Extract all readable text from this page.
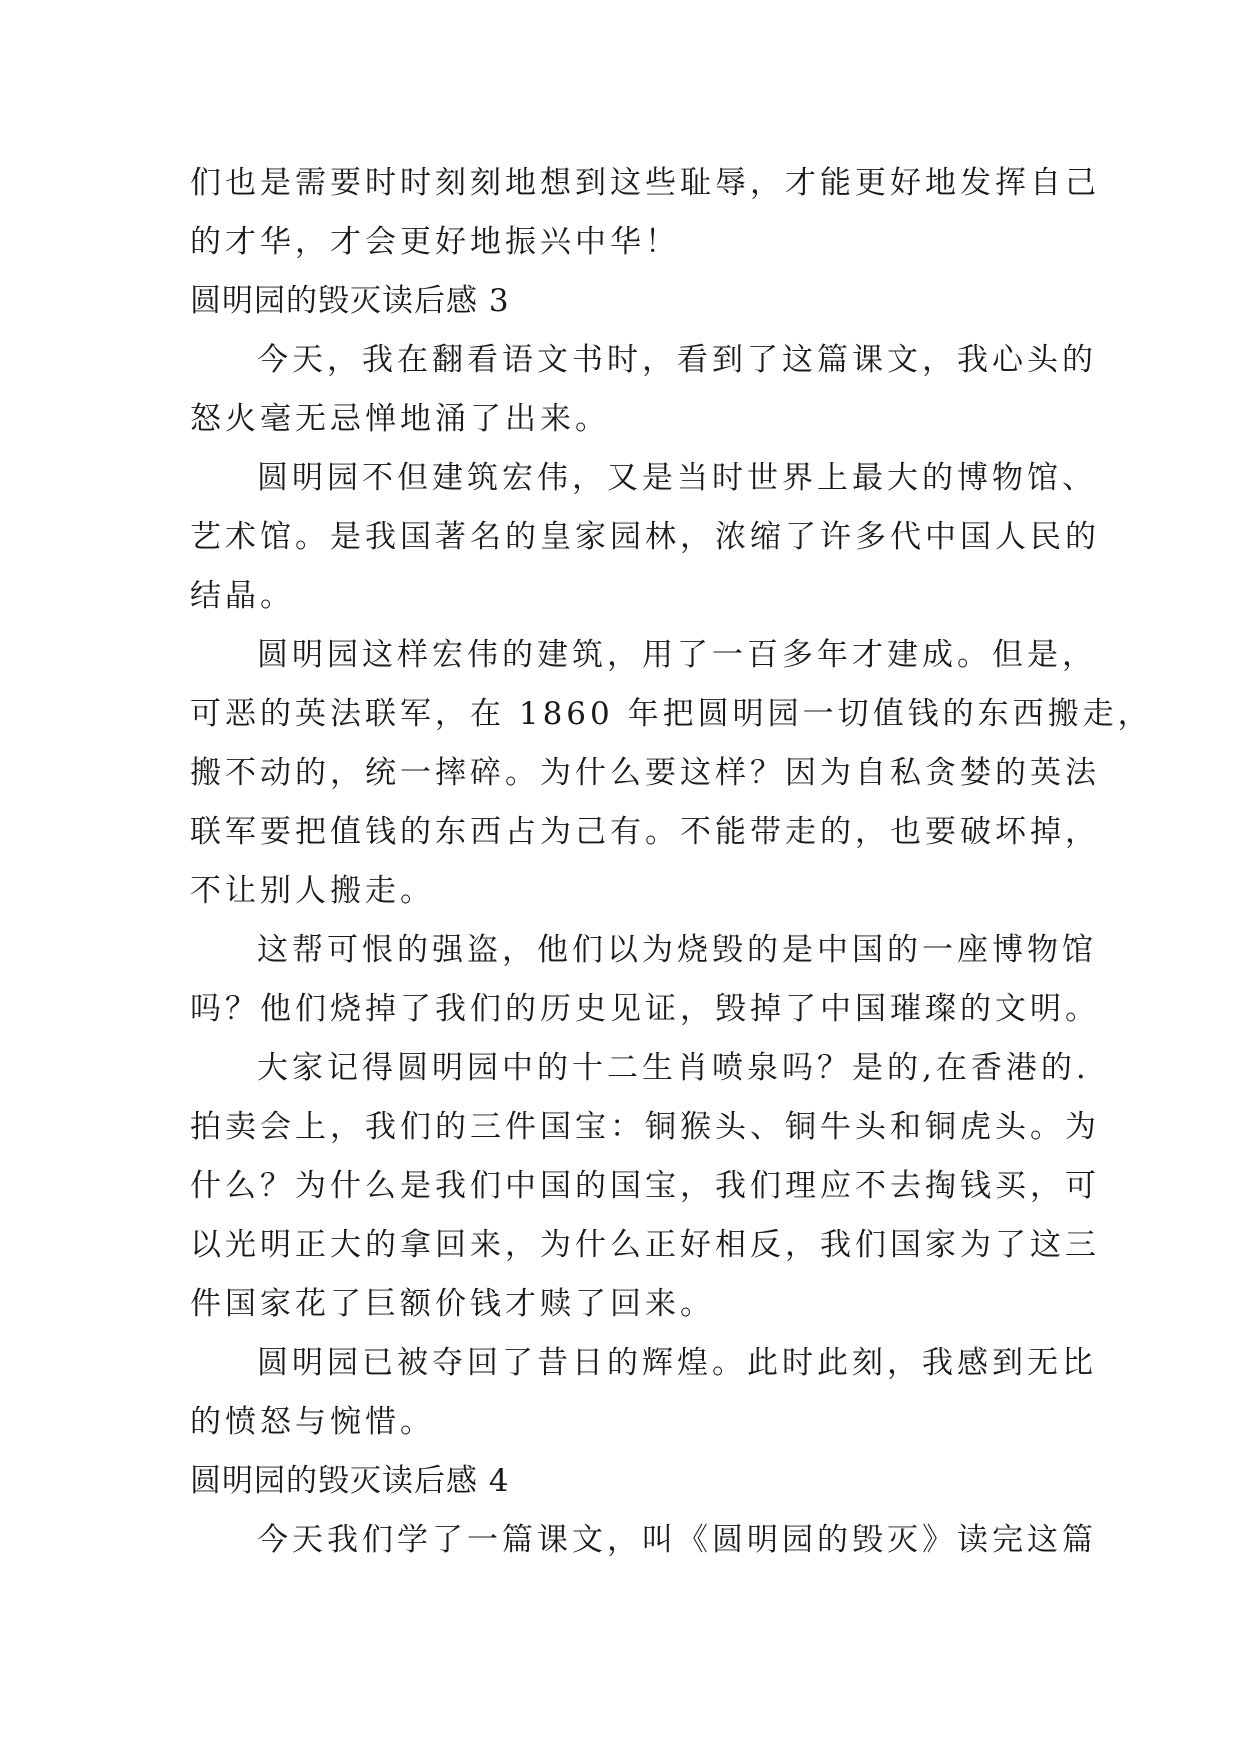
们也是需要时时刻刻地想到这些耻辱，才能更好地发挥自己
的才华，才会更好地振兴中华！
圆明园的毁灭读后感 3
今天，我在翻看语文书时，看到了这篇课文，我心头的
怒火毫无忌惮地涌了出来。
圆明园不但建筑宏伟，又是当时世界上最大的博物馆、
艺术馆。是我国著名的皇家园林，浓缩了许多代中国人民的
结晶。
圆明园这样宏伟的建筑，用了一百多年才建成。但是，
可恶的英法联军，在 1860 年把圆明园一切值钱的东西搬走，
搬不动的，统一摔碎。为什么要这样？因为自私贪婪的英法
联军要把值钱的东西占为己有。不能带走的，也要破坏掉，
不让别人搬走。
这帮可恨的强盗，他们以为烧毁的是中国的一座博物馆
吗？他们烧掉了我们的历史见证，毁掉了中国璀璨的文明。
大家记得圆明园中的十二生肖喷泉吗？是的,在香港的.
拍卖会上，我们的三件国宝：铜猴头、铜牛头和铜虎头。为
什么？为什么是我们中国的国宝，我们理应不去掏钱买，可
以光明正大的拿回来，为什么正好相反，我们国家为了这三
件国家花了巨额价钱才赎了回来。
圆明园已被夺回了昔日的辉煌。此时此刻，我感到无比
的愤怒与惋惜。
圆明园的毁灭读后感 4
今天我们学了一篇课文，叫《圆明园的毁灭》读完这篇
